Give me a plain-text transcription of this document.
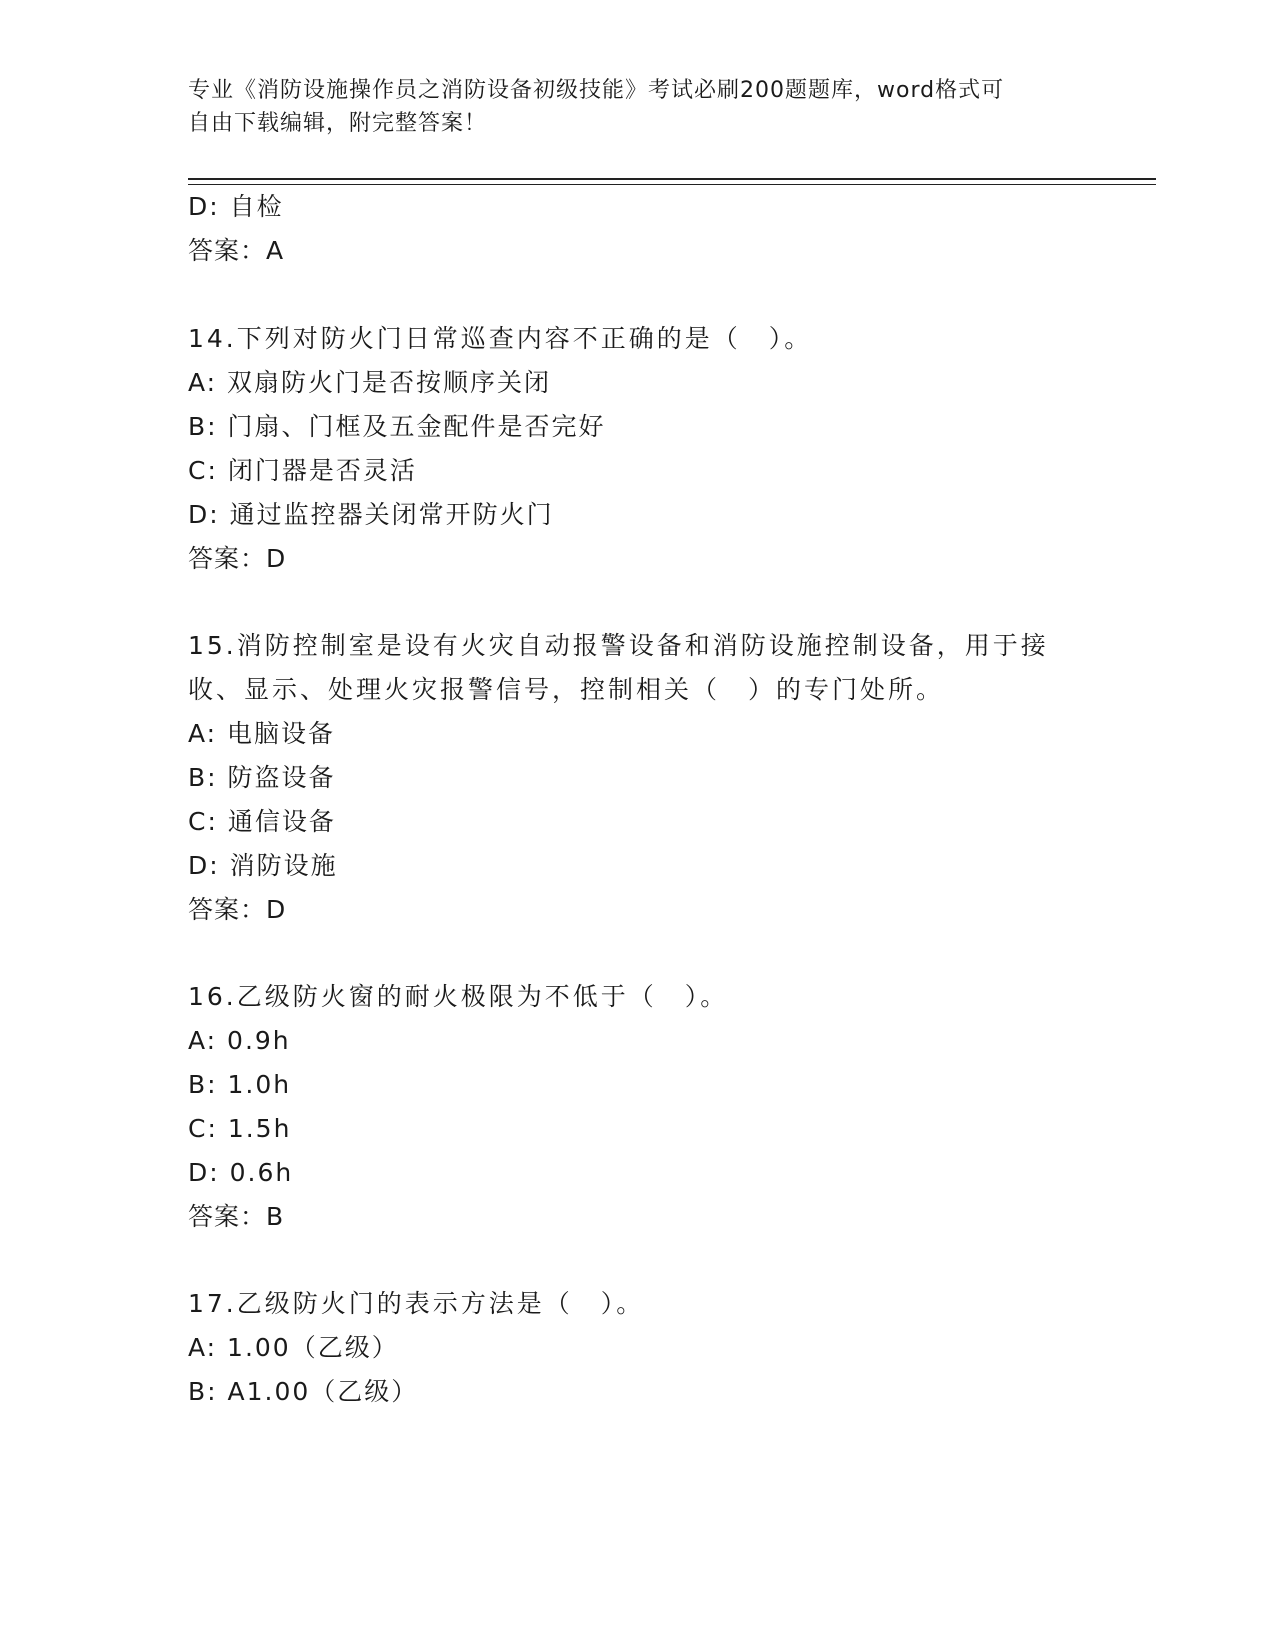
专业《消防设施操作员之消防设备初级技能》考试必刷200题题库，word格式可
自由下载编辑，附完整答案！
D: 自检
答案：A
14.下列对防火门日常巡查内容不正确的是（　）。
A: 双扇防火门是否按顺序关闭
B: 门扇、门框及五金配件是否完好
C: 闭门器是否灵活
D: 通过监控器关闭常开防火门
答案：D
15.消防控制室是设有火灾自动报警设备和消防设施控制设备，用于接
收、显示、处理火灾报警信号，控制相关（　）的专门处所。
A: 电脑设备
B: 防盗设备
C: 通信设备
D: 消防设施
答案：D
16.乙级防火窗的耐火极限为不低于（　）。
A: 0.9h
B: 1.0h
C: 1.5h
D: 0.6h
答案：B
17.乙级防火门的表示方法是（　）。
A: 1.00（乙级）
B: A1.00（乙级）
